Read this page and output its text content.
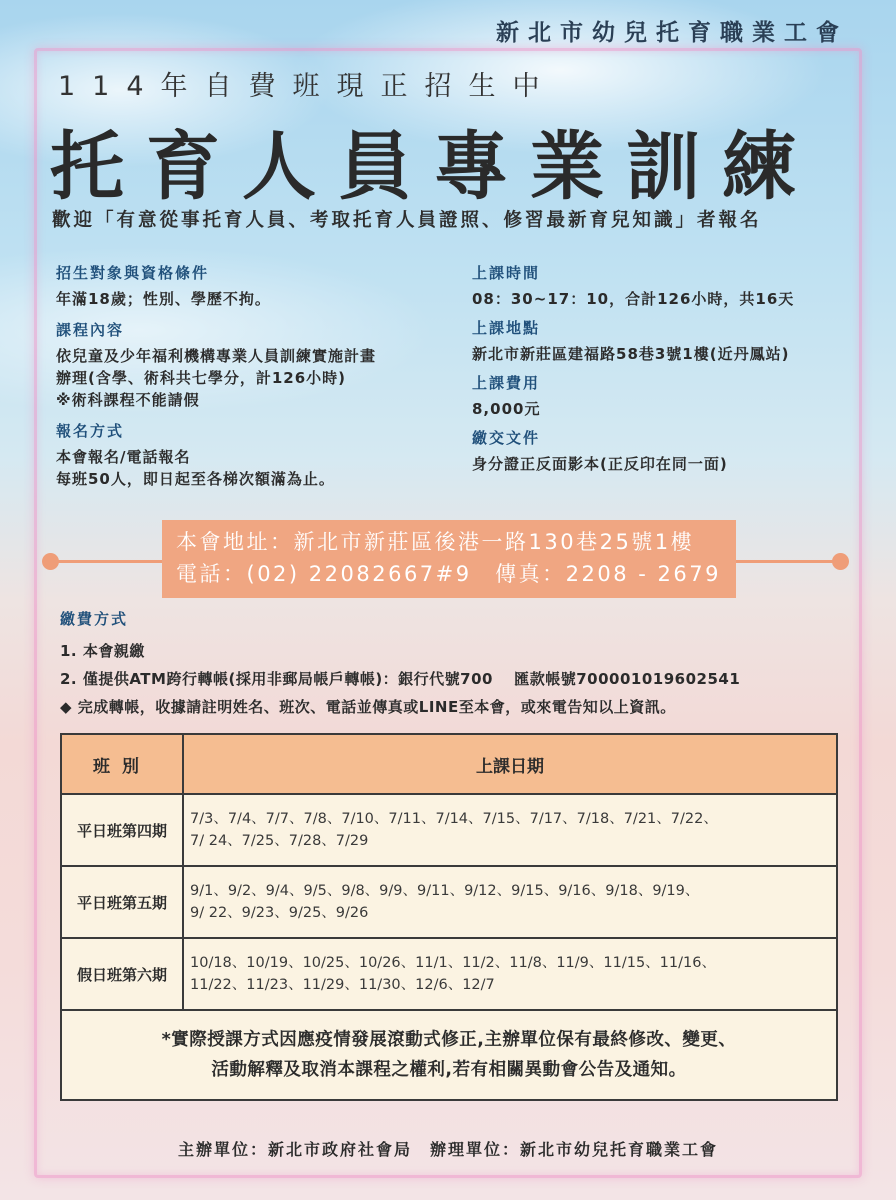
新北市幼兒托育職業工會
114年自費班現正招生中
托育人員專業訓練
歡迎「有意從事托育人員、考取托育人員證照、修習最新育兒知識」者報名
招生對象與資格條件
年滿18歲；性別、學歷不拘。
課程內容
依兒童及少年福利機構專業人員訓練實施計畫
辦理(含學、術科共七學分，計126小時)
※術科課程不能請假
報名方式
本會報名/電話報名
每班50人，即日起至各梯次額滿為止。
上課時間
08：30~17：10，合計126小時，共16天
上課地點
新北市新莊區建福路58巷3號1樓(近丹鳳站)
上課費用
8,000元
繳交文件
身分證正反面影本(正反印在同一面)
本會地址：新北市新莊區後港一路130巷25號1樓
電話：(02) 22082667#9　傳真：2208 - 2679
繳費方式
1. 本會親繳
2. 僅提供ATM跨行轉帳(採用非郵局帳戶轉帳)：銀行代號700　 匯款帳號700001019602541
◆ 完成轉帳，收據請註明姓名、班次、電話並傳真或LINE至本會，或來電告知以上資訊。
班別	上課日期
平日班第四期	7/3、7/4、7/7、7/8、7/10、7/11、7/14、7/15、7/17、7/18、7/21、7/22、
7/ 24、7/25、7/28、7/29

平日班第五期	9/1、9/2、9/4、9/5、9/8、9/9、9/11、9/12、9/15、9/16、9/18、9/19、
9/ 22、9/23、9/25、9/26

假日班第六期	10/18、10/19、10/25、10/26、11/1、11/2、11/8、11/9、11/15、11/16、
11/22、11/23、11/29、11/30、12/6、12/7

*實際授課方式因應疫情發展滾動式修正,主辦單位保有最終修改、變更、
活動解釋及取消本課程之權利,若有相關異動會公告及通知。	
主辦單位：新北市政府社會局　辦理單位：新北市幼兒托育職業工會
